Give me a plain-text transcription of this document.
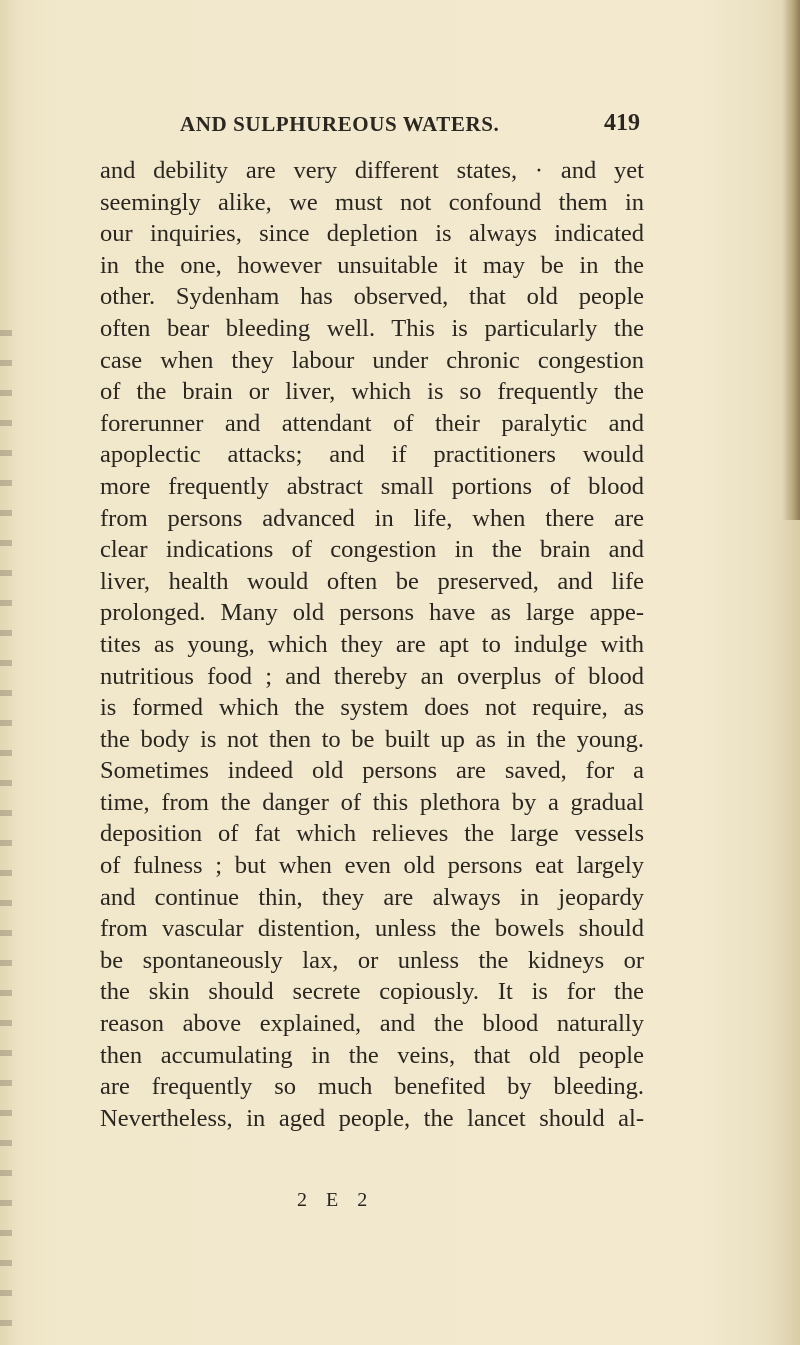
AND SULPHUREOUS WATERS.	419
and debility are very different states, · and yet
seemingly alike, we must not confound them in
our inquiries, since depletion is always indicated
in the one, however unsuitable it may be in the
other. Sydenham has observed, that old people
often bear bleeding well. This is particularly the
case when they labour under chronic congestion
of the brain or liver, which is so frequently the
forerunner and attendant of their paralytic and
apoplectic attacks; and if practitioners would
more frequently abstract small portions of blood
from persons advanced in life, when there are
clear indications of congestion in the brain and
liver, health would often be preserved, and life
prolonged. Many old persons have as large appe-
tites as young, which they are apt to indulge with
nutritious food ; and thereby an overplus of blood
is formed which the system does not require, as
the body is not then to be built up as in the young.
Sometimes indeed old persons are saved, for a
time, from the danger of this plethora by a gradual
deposition of fat which relieves the large vessels
of fulness ; but when even old persons eat largely
and continue thin, they are always in jeopardy
from vascular distention, unless the bowels should
be spontaneously lax, or unless the kidneys or
the skin should secrete copiously. It is for the
reason above explained, and the blood naturally
then accumulating in the veins, that old people
are frequently so much benefited by bleeding.
Nevertheless, in aged people, the lancet should al-
2 E 2
